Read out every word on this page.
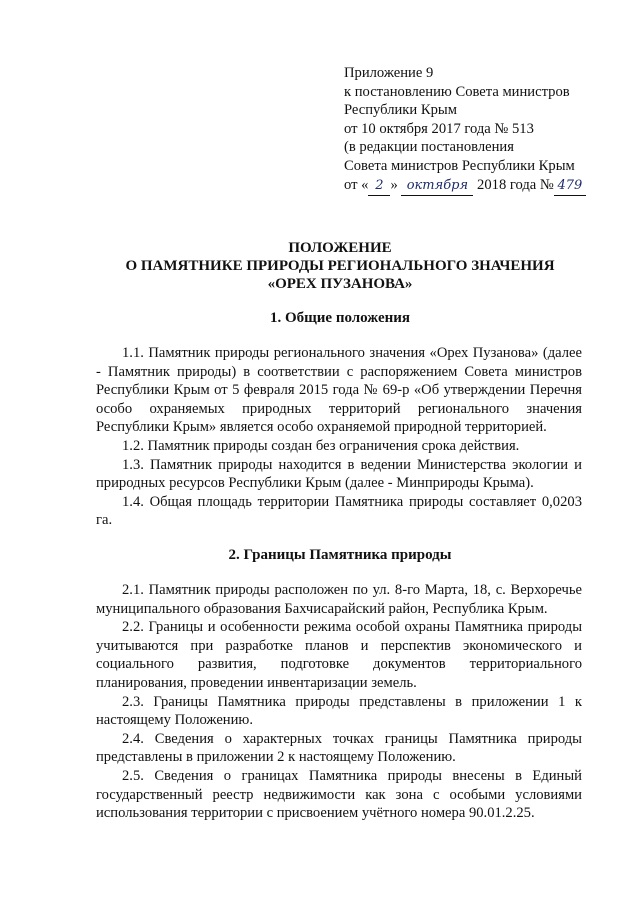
Приложение 9
к постановлению Совета министров
Республики Крым
от 10 октября 2017 года № 513
(в редакции постановления
Совета министров Республики Крым
от « 2 » октября 2018 года № 479
ПОЛОЖЕНИЕ
О ПАМЯТНИКЕ ПРИРОДЫ РЕГИОНАЛЬНОГО ЗНАЧЕНИЯ
«ОРЕХ ПУЗАНОВА»
1. Общие положения

1.1. Памятник природы регионального значения «Орех Пузанова» (далее - Памятник природы) в соответствии с распоряжением Совета министров Республики Крым от 5 февраля 2015 года № 69-р «Об утверждении Перечня особо охраняемых природных территорий регионального значения Республики Крым» является особо охраняемой природной территорией.

1.2. Памятник природы создан без ограничения срока действия.

1.3. Памятник природы находится в ведении Министерства экологии и природных ресурсов Республики Крым (далее - Минприроды Крыма).

1.4. Общая площадь территории Памятника природы составляет 0,0203 га.

2. Границы Памятника природы

2.1. Памятник природы расположен по ул. 8-го Марта, 18, с. Верхоречье муниципального образования Бахчисарайский район, Республика Крым.

2.2. Границы и особенности режима особой охраны Памятника природы учитываются при разработке планов и перспектив экономического и социального развития, подготовке документов территориального планирования, проведении инвентаризации земель.

2.3. Границы Памятника природы представлены в приложении 1 к настоящему Положению.

2.4. Сведения о характерных точках границы Памятника природы представлены в приложении 2 к настоящему Положению.

2.5. Сведения о границах Памятника природы внесены в Единый государственный реестр недвижимости как зона с особыми условиями использования территории с присвоением учётного номера 90.01.2.25.
